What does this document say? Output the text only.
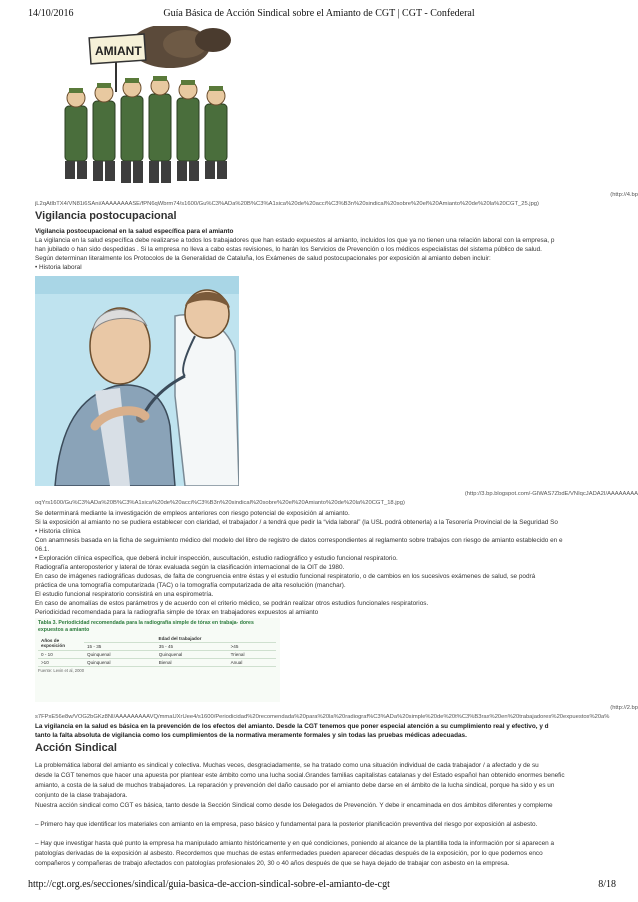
14/10/2016	Guía Básica de Acción Sindical sobre el Amianto de CGT | CGT - Confederal
AMIANT
(http://4.bp
jL2qAtIbTX4/VN81i6SAni/AAAAAAAASE/fPN6qWbrm74/s1600/Gu%C3%ADa%20B%C3%A1sica%20de%20acci%C3%B3n%20sindical%20sobre%20el%20Amianto%20de%20la%20CGT_25.jpg)
Vigilancia postocupacional
Vigilancia postocupacional en la salud específica para el amianto
La vigilancia en la salud específica debe realizarse a todos los trabajadores que han estado expuestos al amianto, incluidos los que ya no tienen una relación laboral con la empresa, p
han jubilado o han sido despedidas . Si la empresa no lleva a cabo estas revisiones, lo harán los Servicios de Prevención o los médicos especialistas del sistema público de salud.
Según determinan literalmente los Protocolos de la Generalidad de Cataluña, los Exámenes de salud postocupacionales por exposición al amianto deben incluir:
• Historia laboral
(http://3.bp.blogspot.com/-GIWAS7ZbdE/VNIqcJADA2I/AAAAAAAA
oqYrs1600/Gu%C3%ADa%20B%C3%A1sica%20de%20acci%C3%B3n%20sindical%20sobre%20el%20Amianto%20de%20la%20CGT_18.jpg)
Se determinará mediante la investigación de empleos anteriores con riesgo potencial de exposición al amianto.
Si la exposición al amianto no se pudiera establecer con claridad, el trabajador / a tendrá que pedir la “vida laboral” (la USL podrá obtenerla) a la Tesorería Provincial de la Seguridad So
• Historia clínica
Con anamnesis basada en la ficha de seguimiento médico del modelo del libro de registro de datos correspondientes al reglamento sobre trabajos con riesgo de amianto establecido en e
06.1.
• Exploración clínica específica, que deberá incluir inspección, auscultación, estudio radiográfico y estudio funcional respiratorio.
Radiografía anteroposterior y lateral de tórax evaluada según la clasificación internacional de la OIT de 1980.
En caso de imágenes radiográficas dudosas, de falta de congruencia entre éstas y el estudio funcional respiratorio, o de cambios en los sucesivos exámenes de salud, se podrá
práctica de una tomografía computarizada (TAC) o la tomografía computarizada de alta resolución (manchar).
El estudio funcional respiratorio consistirá en una espirometría.
En caso de anomalías de estos parámetros y de acuerdo con el criterio médico, se podrán realizar otros estudios funcionales respiratorios.
Periodicidad recomendada para la radiografía simple de tórax en trabajadores expuestos al amianto
Tabla 3. Periodicidad recomendada para la radiografía simple de tórax en trabaja- dores expuestos a amianto
Años de exposición	Edad del trabajador		
	15 - 35	35 - 45	>45
0 - 10	Quinquenal	Quinquenal	Trienal
>10	Quinquenal	Bienal	Anual
Fuente: Levin et al, 2000
(http://2.bp
s7FPxE56e8w/VOG2bGKz8NI/AAAAAAAAAVQ/mmaUXrUee4/s1600/Periodicidad%20recomendada%20para%20la%20radiograf%C3%ADa%20simple%20de%20t%C3%B3rax%20en%20trabajadores%20expuestos%20a%
La vigilancia en la salud es básica en la prevención de los efectos del amianto. Desde la CGT tenemos que poner especial atención a su cumplimiento real y efectivo, y d
tanto la falta absoluta de vigilancia como los cumplimientos de la normativa meramente formales y sin todas las pruebas médicas adecuadas.
Acción Sindical
La problemática laboral del amianto es sindical y colectiva. Muchas veces, desgraciadamente, se ha tratado como una situación individual de cada trabajador / a afectado y de su
desde la CGT tenemos que hacer una apuesta por plantear este ámbito como una lucha social.Grandes familias capitalistas catalanas y del Estado español han obtenido enormes benefic
amianto, a costa de la salud de muchos trabajadores. La reparación y prevención del daño causado por el amianto debe darse en el ámbito de la lucha sindical, porque ha sido y es un
conjunto de la clase trabajadora.
Nuestra acción sindical como CGT es básica, tanto desde la Sección Sindical como desde los Delegados de Prevención. Y debe ir encaminada en dos ámbitos diferentes y compleme
– Primero hay que identificar los materiales con amianto en la empresa, paso básico y fundamental para la posterior planificación preventiva del riesgo por exposición al asbesto.
– Hay que investigar hasta qué punto la empresa ha manipulado amianto históricamente y en qué condiciones, poniendo al alcance de la plantilla toda la información por si aparecen a
patologías derivadas de la exposición al asbesto. Recordemos que muchas de estas enfermedades pueden aparecer décadas después de la exposición, por lo que podemos enco
compañeros y compañeras de trabajo afectados con patologías profesionales 20, 30 o 40 años después de que se haya dejado de trabajar con asbesto en la empresa.
http://cgt.org.es/secciones/sindical/guia-basica-de-accion-sindical-sobre-el-amianto-de-cgt	8/18
